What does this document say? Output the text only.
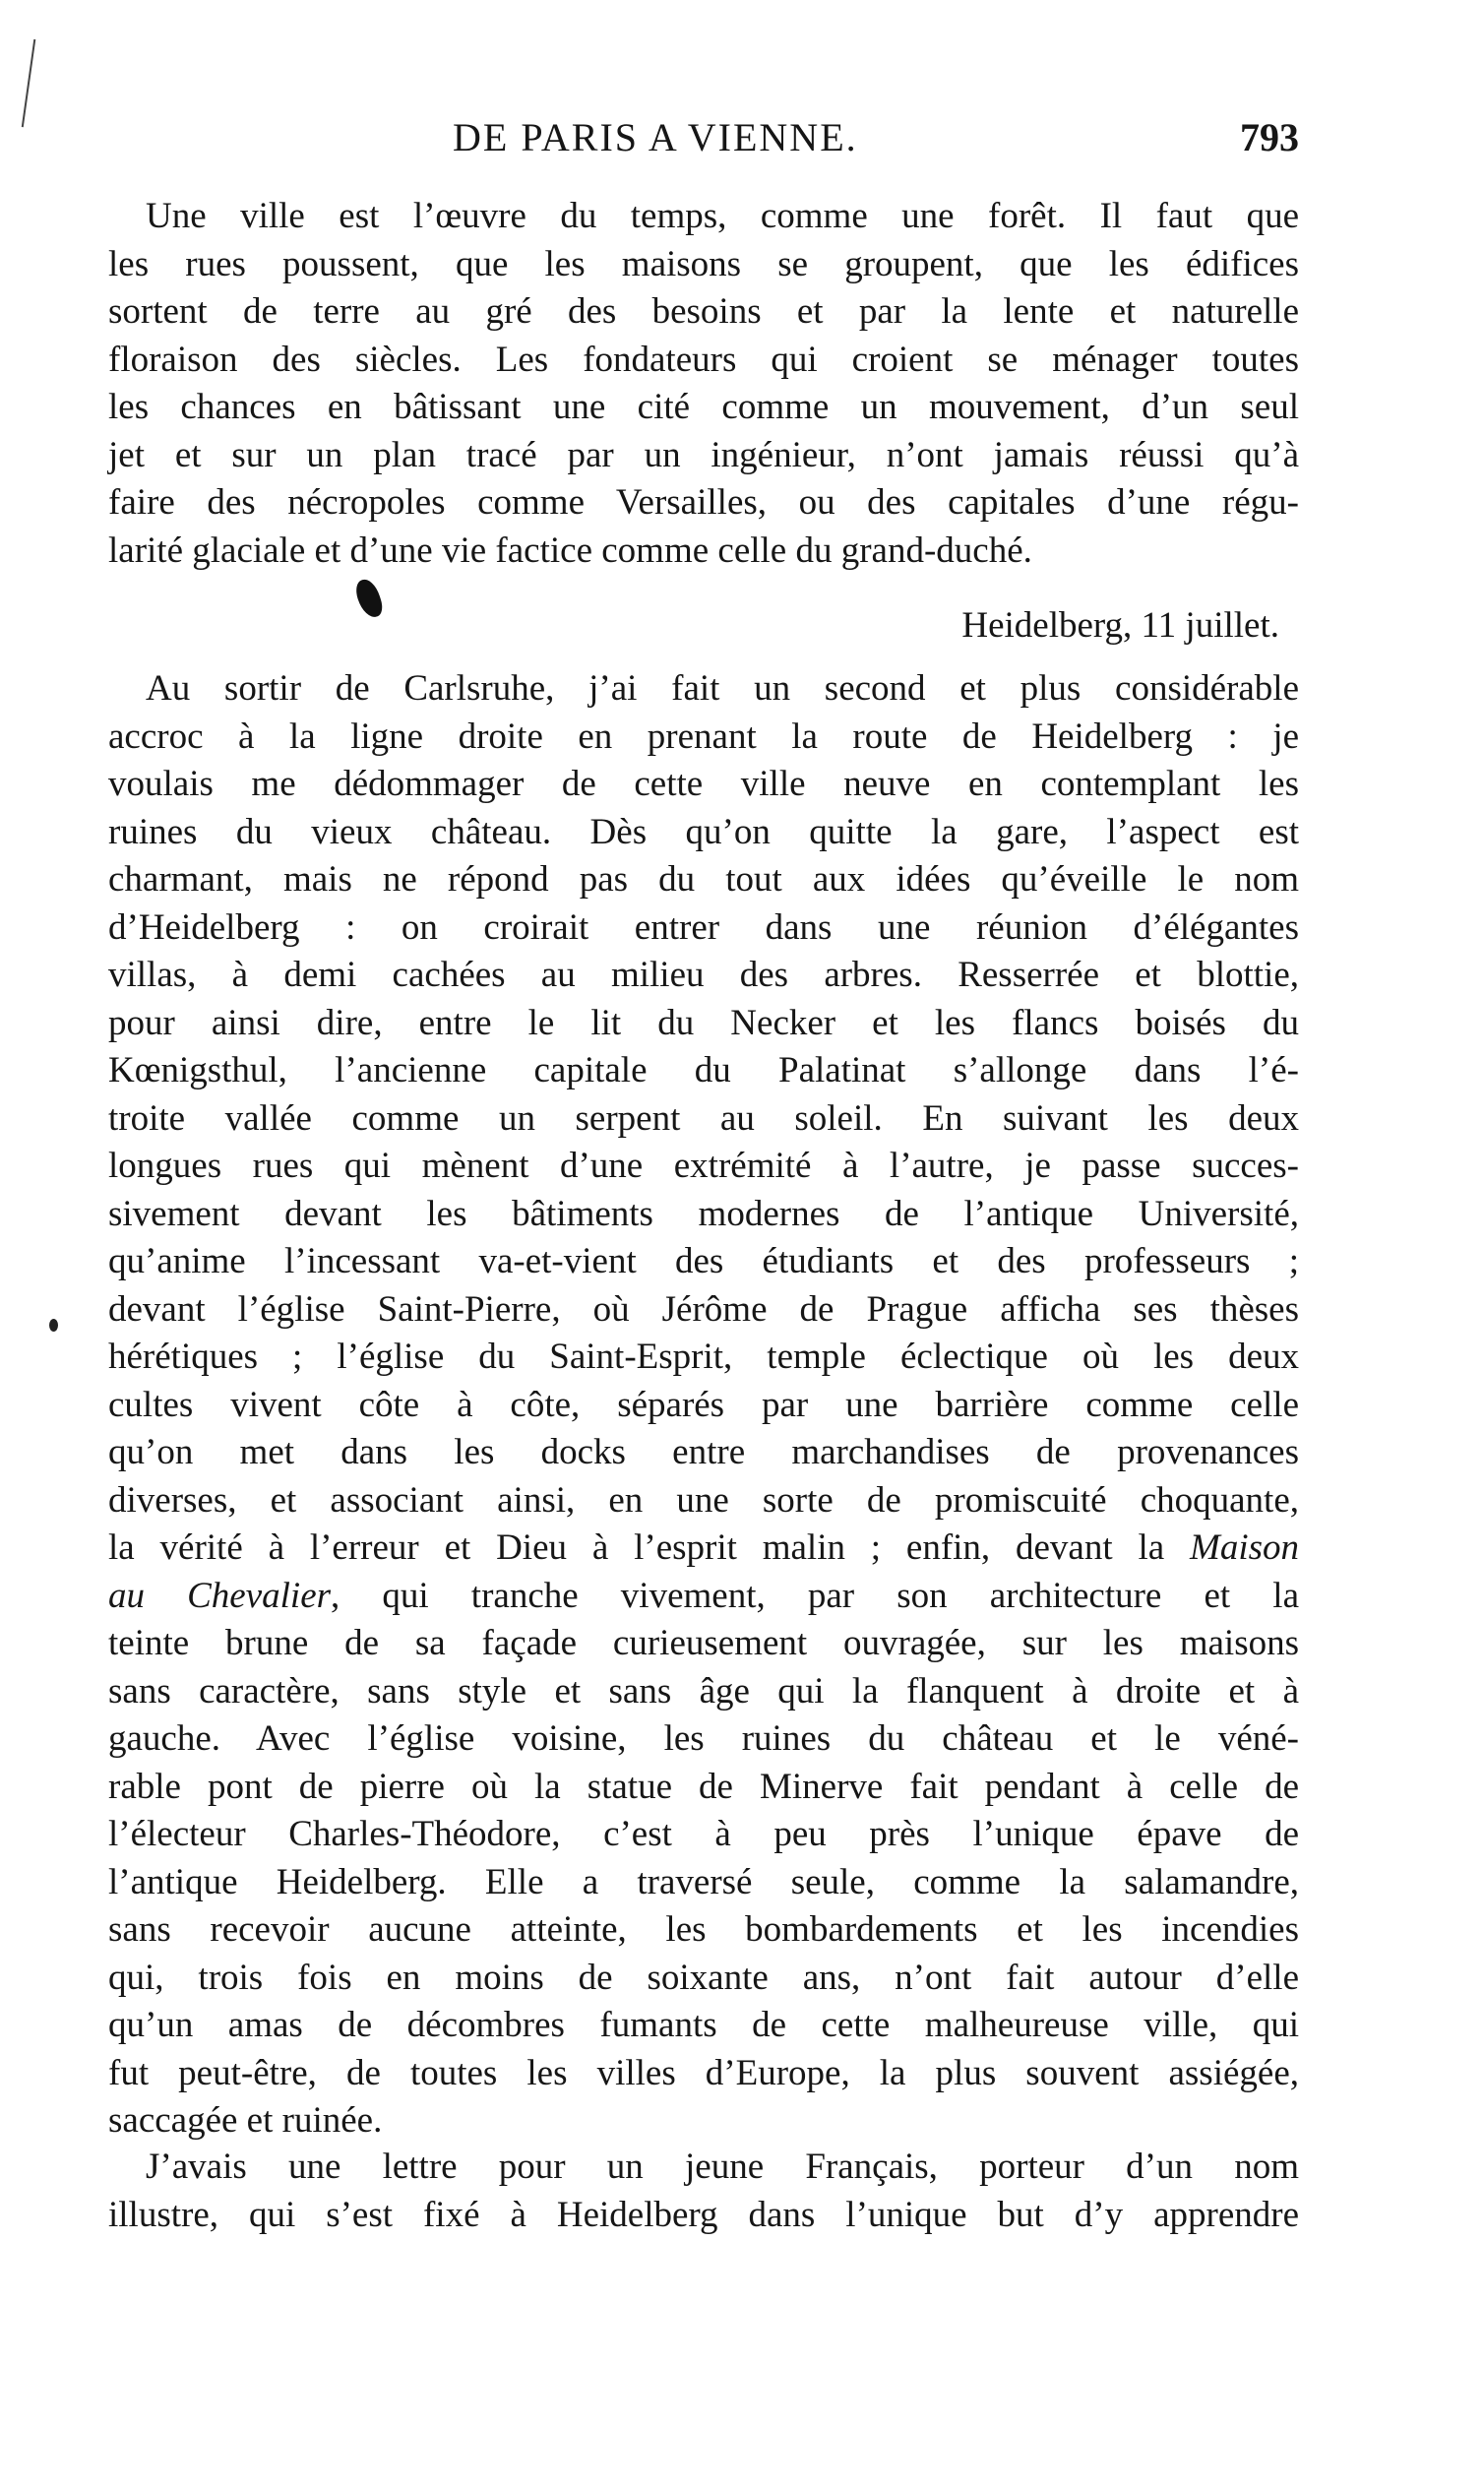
DE PARIS A VIENNE.	793
Une ville est l’œuvre du temps, comme une forêt. Il faut que
les rues poussent, que les maisons se groupent, que les édifices
sortent de terre au gré des besoins et par la lente et naturelle
floraison des siècles. Les fondateurs qui croient se ménager toutes
les chances en bâtissant une cité comme un mouvement, d’un seul
jet et sur un plan tracé par un ingénieur, n’ont jamais réussi qu’à
faire des nécropoles comme Versailles, ou des capitales d’une régu-
larité glaciale et d’une vie factice comme celle du grand-duché.
Heidelberg, 11 juillet.
Au sortir de Carlsruhe, j’ai fait un second et plus considérable
accroc à la ligne droite en prenant la route de Heidelberg : je
voulais me dédommager de cette ville neuve en contemplant les
ruines du vieux château. Dès qu’on quitte la gare, l’aspect est
charmant, mais ne répond pas du tout aux idées qu’éveille le nom
d’Heidelberg : on croirait entrer dans une réunion d’élégantes
villas, à demi cachées au milieu des arbres. Resserrée et blottie,
pour ainsi dire, entre le lit du Necker et les flancs boisés du
Kœnigsthul, l’ancienne capitale du Palatinat s’allonge dans l’é-
troite vallée comme un serpent au soleil. En suivant les deux
longues rues qui mènent d’une extrémité à l’autre, je passe succes-
sivement devant les bâtiments modernes de l’antique Université,
qu’anime l’incessant va-et-vient des étudiants et des professeurs ;
devant l’église Saint-Pierre, où Jérôme de Prague afficha ses thèses
hérétiques ; l’église du Saint-Esprit, temple éclectique où les deux
cultes vivent côte à côte, séparés par une barrière comme celle
qu’on met dans les docks entre marchandises de provenances
diverses, et associant ainsi, en une sorte de promiscuité choquante,
la vérité à l’erreur et Dieu à l’esprit malin ; enfin, devant la Maison
au Chevalier, qui tranche vivement, par son architecture et la
teinte brune de sa façade curieusement ouvragée, sur les maisons
sans caractère, sans style et sans âge qui la flanquent à droite et à
gauche. Avec l’église voisine, les ruines du château et le véné-
rable pont de pierre où la statue de Minerve fait pendant à celle de
l’électeur Charles-Théodore, c’est à peu près l’unique épave de
l’antique Heidelberg. Elle a traversé seule, comme la salamandre,
sans recevoir aucune atteinte, les bombardements et les incendies
qui, trois fois en moins de soixante ans, n’ont fait autour d’elle
qu’un amas de décombres fumants de cette malheureuse ville, qui
fut peut-être, de toutes les villes d’Europe, la plus souvent assiégée,
saccagée et ruinée.
J’avais une lettre pour un jeune Français, porteur d’un nom
illustre, qui s’est fixé à Heidelberg dans l’unique but d’y apprendre
